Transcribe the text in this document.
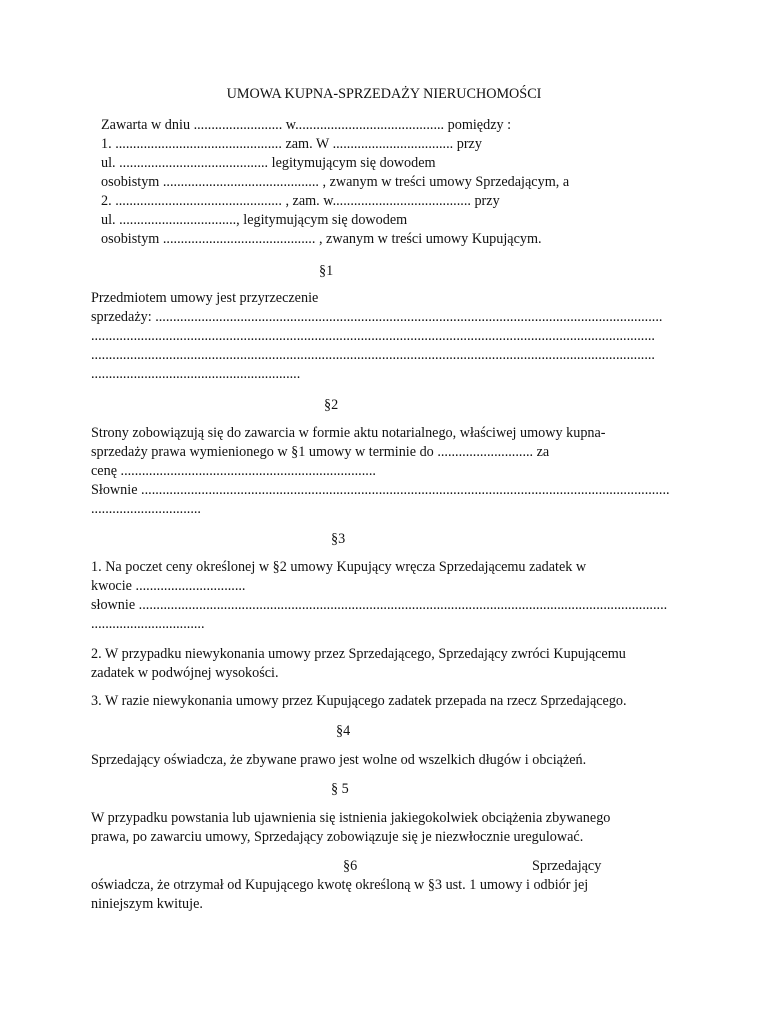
UMOWA KUPNA-SPRZEDAŻY NIERUCHOMOŚCI
Zawarta w dniu ......................... w.......................................... pomiędzy :
1. ............................................... zam. W .................................. przy
ul. .......................................... legitymującym się dowodem
osobistym ............................................ , zwanym w treści umowy Sprzedającym, a
2. ............................................... , zam. w....................................... przy
ul. ................................., legitymującym się dowodem
osobistym ........................................... , zwanym w treści umowy Kupującym.
§1
Przedmiotem umowy jest przyrzeczenie
sprzedaży: ...............................................................................................................................................
...............................................................................................................................................................
...............................................................................................................................................................
...........................................................
§2
Strony zobowiązują się do zawarcia w formie aktu notarialnego, właściwej umowy kupna-
sprzedaży prawa wymienionego w §1 umowy w terminie do ........................... za
cenę ........................................................................
Słownie .....................................................................................................................................................
...............................
§3
1. Na poczet ceny określonej w §2 umowy Kupujący wręcza Sprzedającemu zadatek w
kwocie ...............................
słownie .....................................................................................................................................................
................................
2. W przypadku niewykonania umowy przez Sprzedającego, Sprzedający zwróci Kupującemu
zadatek w podwójnej wysokości.
3. W razie niewykonania umowy przez Kupującego zadatek przepada na rzecz Sprzedającego.
§4
Sprzedający oświadcza, że zbywane prawo jest wolne od wszelkich długów i obciążeń.
§ 5
W przypadku powstania lub ujawnienia się istnienia jakiegokolwiek obciążenia zbywanego
prawa, po zawarciu umowy, Sprzedający zobowiązuje się je niezwłocznie uregulować.
§6	Sprzedający
oświadcza, że otrzymał od Kupującego kwotę określoną w §3 ust. 1 umowy i odbiór jej
niniejszym kwituje.
